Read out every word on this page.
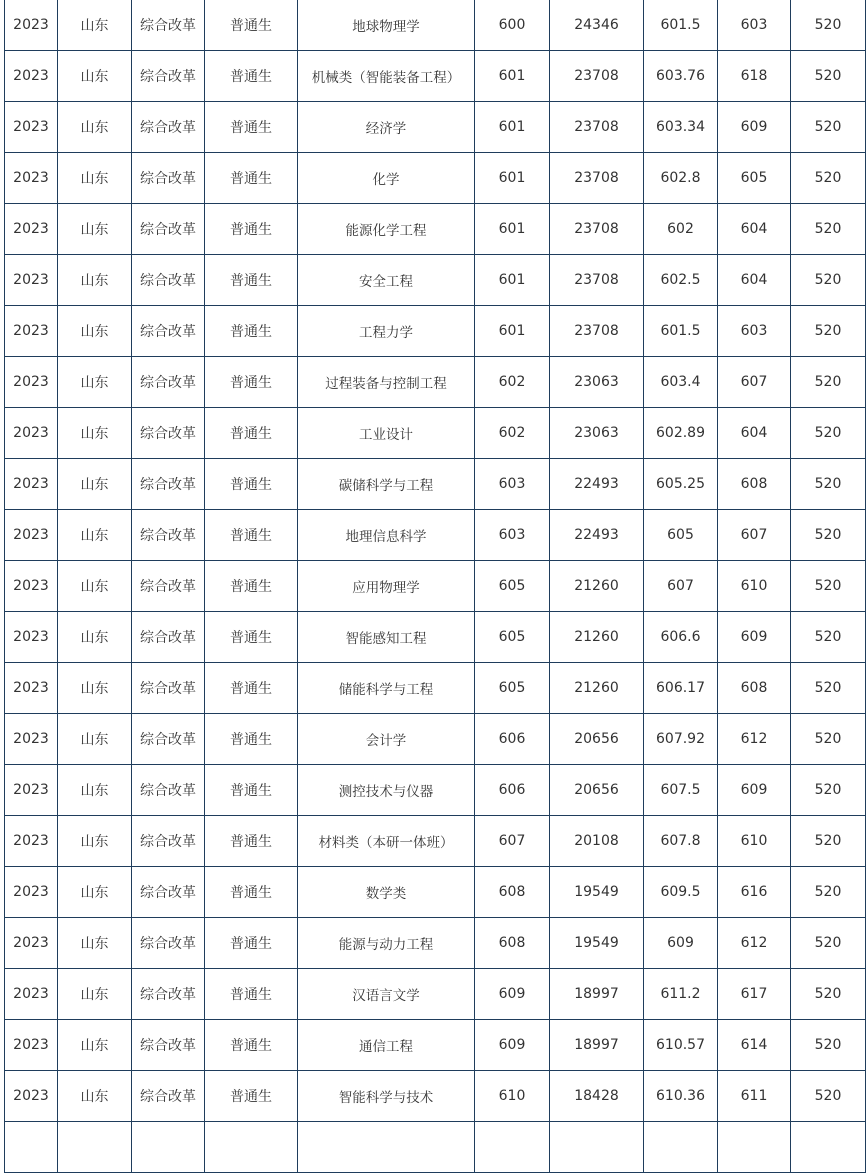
2023	山东	综合改革	普通生	地球物理学	600	24346	601.5	603	520
2023	山东	综合改革	普通生	机械类（智能装备工程）	601	23708	603.76	618	520
2023	山东	综合改革	普通生	经济学	601	23708	603.34	609	520
2023	山东	综合改革	普通生	化学	601	23708	602.8	605	520
2023	山东	综合改革	普通生	能源化学工程	601	23708	602	604	520
2023	山东	综合改革	普通生	安全工程	601	23708	602.5	604	520
2023	山东	综合改革	普通生	工程力学	601	23708	601.5	603	520
2023	山东	综合改革	普通生	过程装备与控制工程	602	23063	603.4	607	520
2023	山东	综合改革	普通生	工业设计	602	23063	602.89	604	520
2023	山东	综合改革	普通生	碳储科学与工程	603	22493	605.25	608	520
2023	山东	综合改革	普通生	地理信息科学	603	22493	605	607	520
2023	山东	综合改革	普通生	应用物理学	605	21260	607	610	520
2023	山东	综合改革	普通生	智能感知工程	605	21260	606.6	609	520
2023	山东	综合改革	普通生	储能科学与工程	605	21260	606.17	608	520
2023	山东	综合改革	普通生	会计学	606	20656	607.92	612	520
2023	山东	综合改革	普通生	测控技术与仪器	606	20656	607.5	609	520
2023	山东	综合改革	普通生	材料类（本研一体班）	607	20108	607.8	610	520
2023	山东	综合改革	普通生	数学类	608	19549	609.5	616	520
2023	山东	综合改革	普通生	能源与动力工程	608	19549	609	612	520
2023	山东	综合改革	普通生	汉语言文学	609	18997	611.2	617	520
2023	山东	综合改革	普通生	通信工程	609	18997	610.57	614	520
2023	山东	综合改革	普通生	智能科学与技术	610	18428	610.36	611	520
